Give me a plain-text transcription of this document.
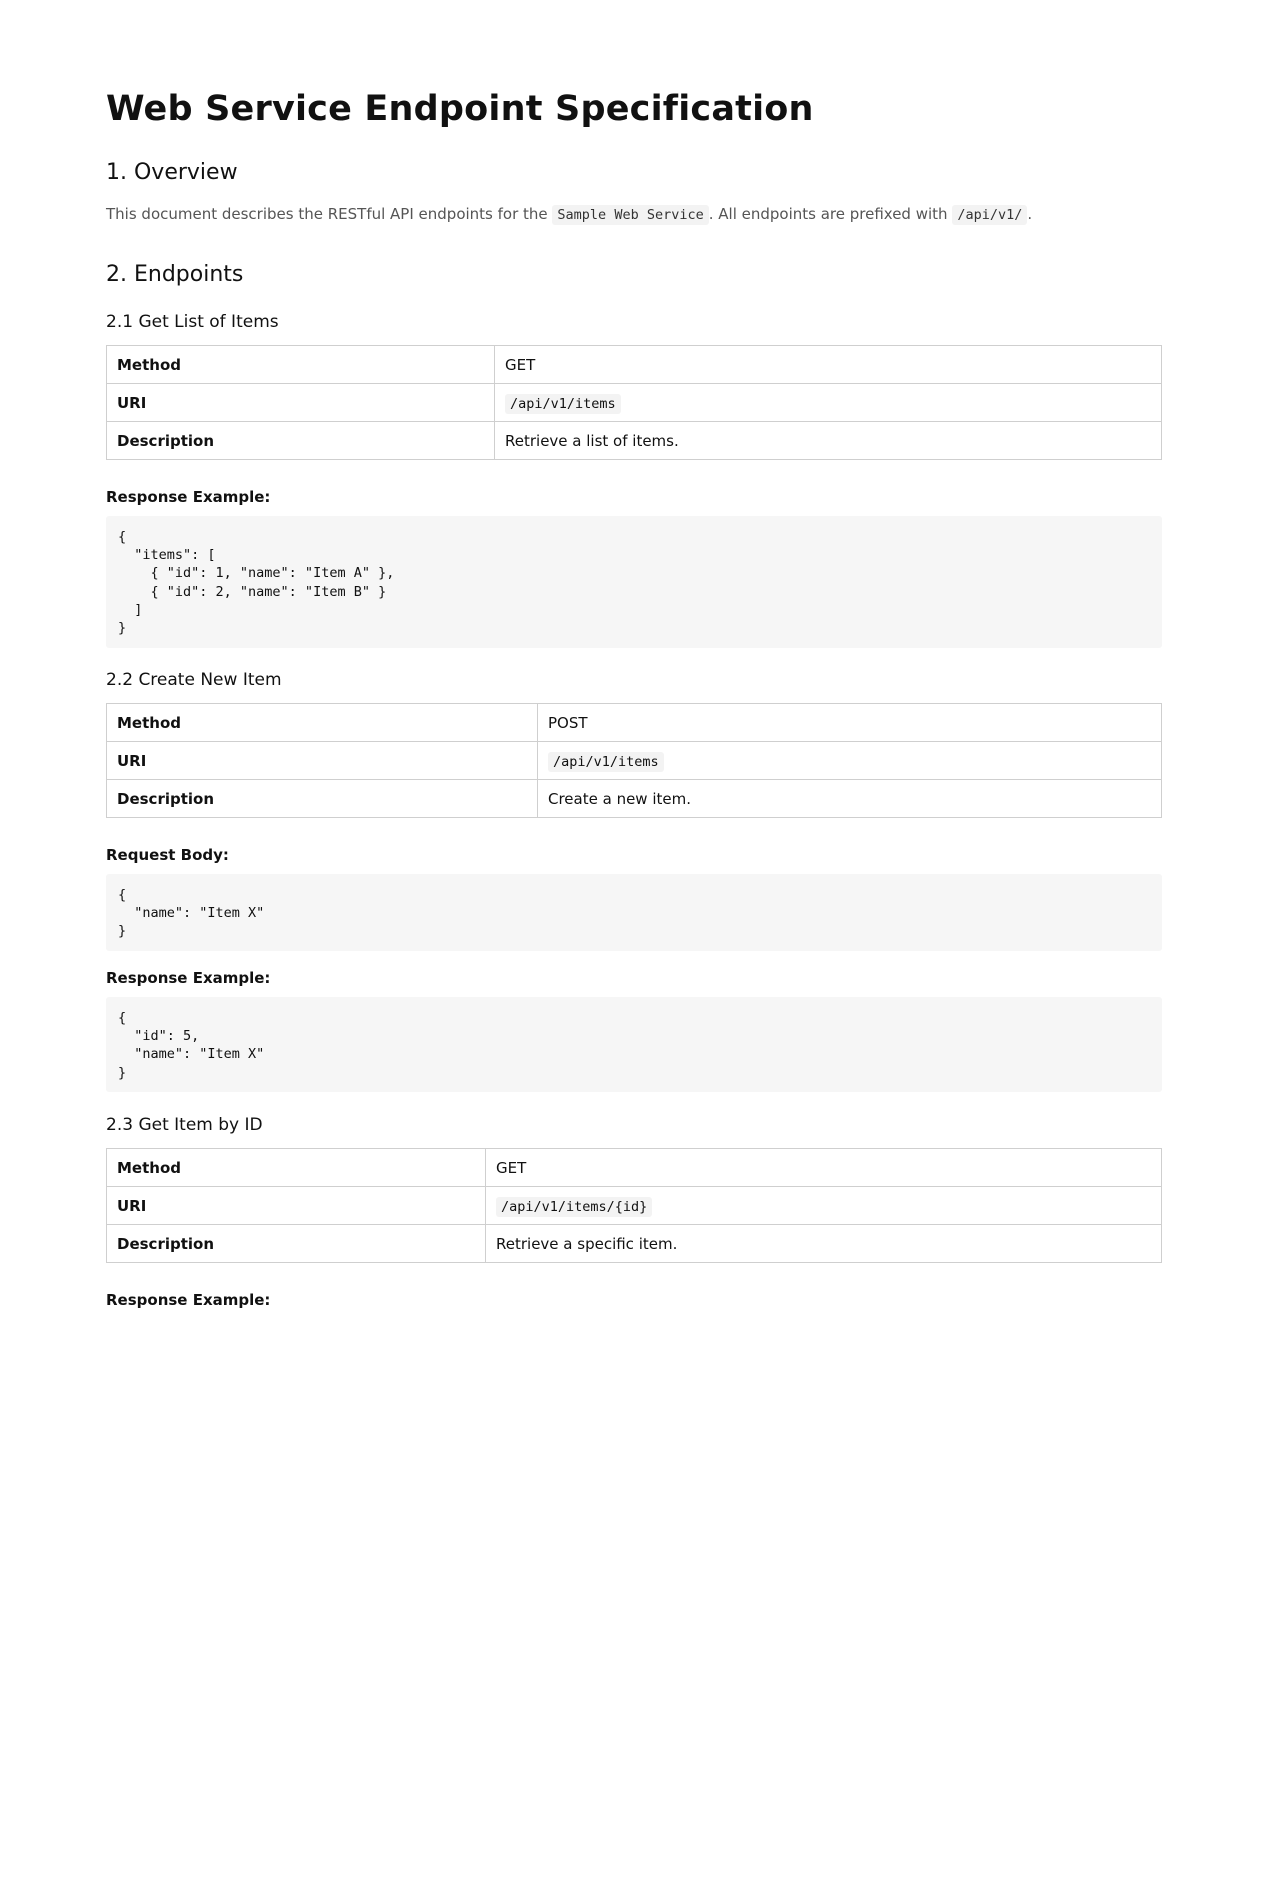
Web Service Endpoint Specification
1. Overview

This document describes the RESTful API endpoints for the Sample Web Service . All endpoints are prefixed with /api/v1/ .

2. Endpoints
2.1 Get List of Items
Method	GET
URI	/api/v1/items
Description	Retrieve a list of items.
Response Example:
{
"items": [
{ "id": 1, "name": "Item A" },
{ "id": 2, "name": "Item B" }
]
}
2.2 Create New Item
Method	POST
URI	/api/v1/items
Description	Create a new item.
Request Body:
{
"name": "Item X"
}
Response Example:
{
"id": 5,
"name": "Item X"
}
2.3 Get Item by ID
Method	GET
URI	/api/v1/items/{id}
Description	Retrieve a specific item.
Response Example:
